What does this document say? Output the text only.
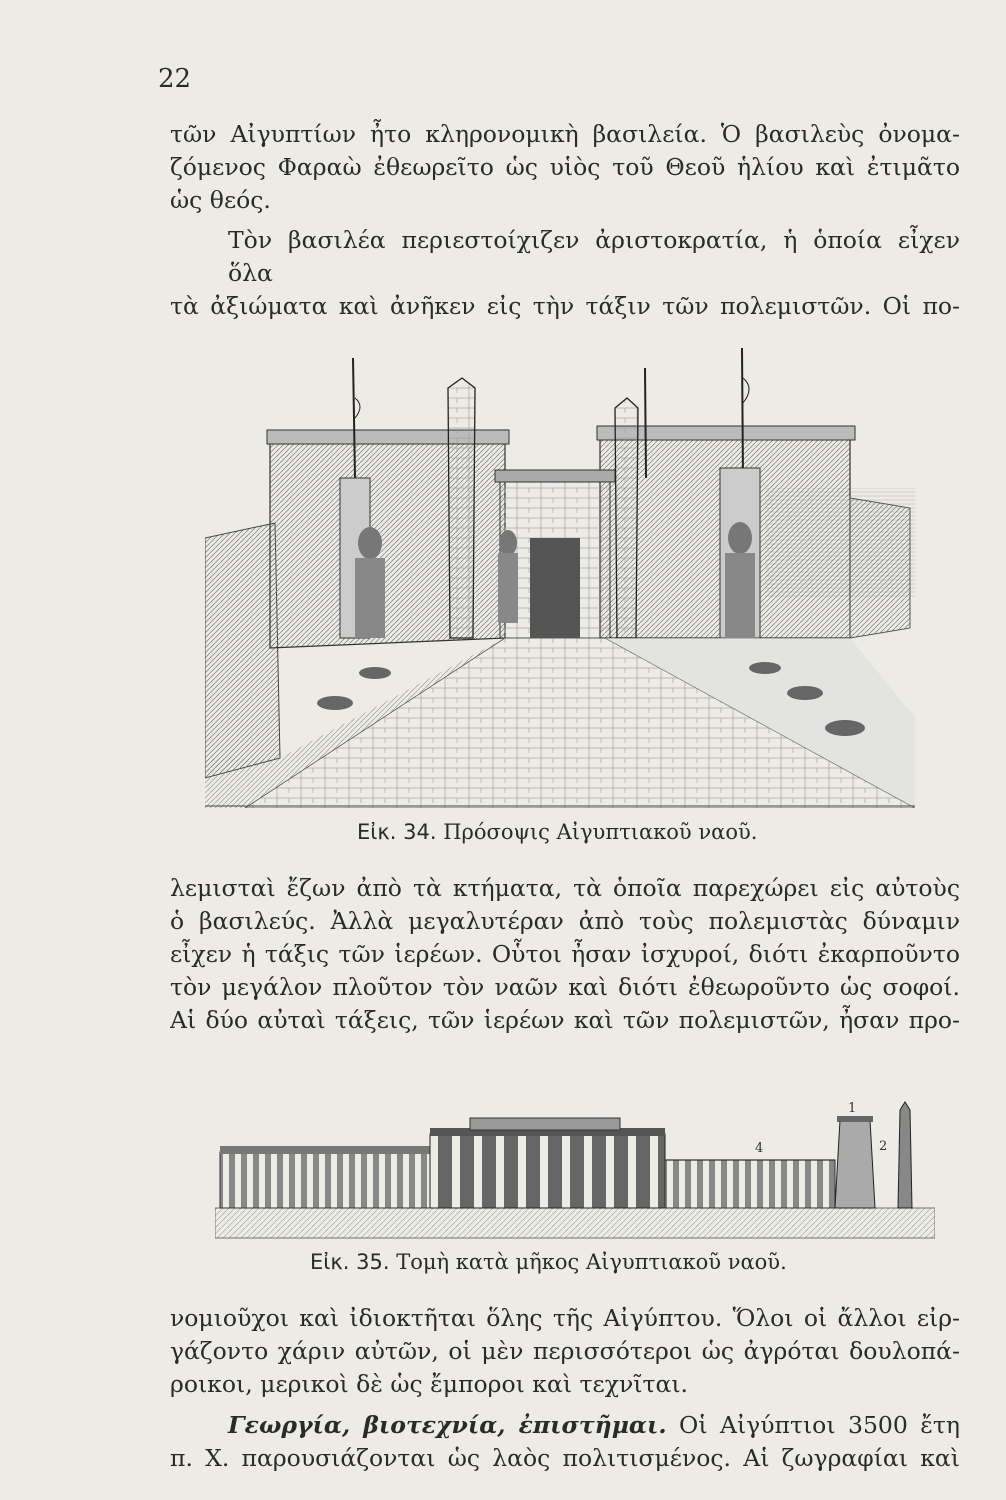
22

τῶν Αἰγυπτίων ἦτο κληρονομικὴ βασιλεία. Ὁ βασιλεὺς ὀνομα-
ζόμενος Φαραὼ ἐθεωρεῖτο ὡς υἱὸς τοῦ Θεοῦ ἡλίου καὶ ἐτιμᾶτο
ὡς θεός.

Τὸν βασιλέα περιεστοίχιζεν ἀριστοκρατία, ἡ ὁποία εἶχεν ὅλα
τὰ ἀξιώματα καὶ ἀνῆκεν εἰς τὴν τάξιν τῶν πολεμιστῶν. Οἱ πο-

Εἰκ. 34. Πρόσοψις Αἰγυπτιακοῦ ναοῦ.

λεμισταὶ ἔζων ἀπὸ τὰ κτήματα, τὰ ὁποῖα παρεχώρει εἰς αὐτοὺς
ὁ βασιλεύς. Ἀλλὰ μεγαλυτέραν ἀπὸ τοὺς πολεμιστὰς δύναμιν
εἶχεν ἡ τάξις τῶν ἱερέων. Οὗτοι ἦσαν ἰσχυροί, διότι ἐκαρποῦντο
τὸν μεγάλον πλοῦτον τὸν ναῶν καὶ διότι ἐθεωροῦντο ὡς σοφοί.
Αἱ δύο αὐταὶ τάξεις, τῶν ἱερέων καὶ τῶν πολεμιστῶν, ἦσαν προ-

4
1
2
Εἰκ. 35. Τομὴ κατὰ μῆκος Αἰγυπτιακοῦ ναοῦ.

νομιοῦχοι καὶ ἰδιοκτῆται ὅλης τῆς Αἰγύπτου. Ὅλοι οἱ ἄλλοι εἰρ-
γάζοντο χάριν αὐτῶν, οἱ μὲν περισσότεροι ὡς ἀγρόται δουλοπά-
ροικοι, μερικοὶ δὲ ὡς ἔμποροι καὶ τεχνῖται.

Γεωργία, βιοτεχνία, ἐπιστῆμαι. Οἱ Αἰγύπτιοι 3500 ἔτη
π. Χ. παρουσιάζονται ὡς λαὸς πολιτισμένος. Αἱ ζωγραφίαι καὶ
